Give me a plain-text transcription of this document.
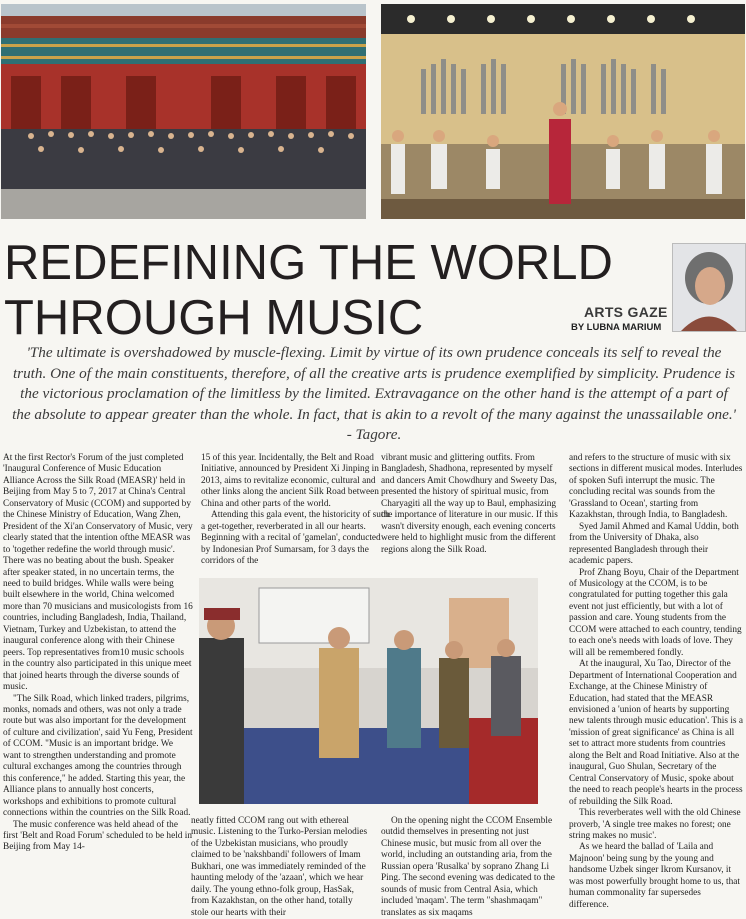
REDEFINING THE WORLD
THROUGH MUSIC	ARTS GAZE
BY LUBNA MARIUM
'The ultimate is overshadowed by muscle-flexing. Limit by virtue of its own prudence conceals its self to reveal the truth. One of the main constituents, therefore, of all the creative arts is prudence exemplified by simplicity. Prudence is the victorious proclamation of the limitless by the limited. Extravagance on the other hand is the attempt of a part of the absolute to appear greater than the whole. In fact, that is akin to a revolt of the many against the unassailable one.' - Tagore.

At the first Rector's Forum of the just completed 'Inaugural Conference of Music Education Alliance Across the Silk Road (MEASR)' held in Beijing from May 5 to 7, 2017 at China's Central Conservatory of Music (CCOM) and supported by the Chinese Ministry of Education, Wang Zhen, President of the Xi'an Conservatory of Music, very clearly stated that the intention ofthe MEASR was to 'together redefine the world through music'. There was no beating about the bush. Speaker after speaker stated, in no uncertain terms, the need to build bridges. While walls were being built elsewhere in the world, China welcomed more than 70 musicians and musicologists from 16 countries, including Bangladesh, India, Thailand, Vietnam, Turkey and Uzbekistan, to attend the inaugural conference along with their Chinese peers. Top representatives from10 music schools in the country also participated in this unique meet that joined hearts through the diverse sounds of music.

"The Silk Road, which linked traders, pilgrims, monks, nomads and others, was not only a trade route but was also important for the development of culture and civilization', said Yu Feng, President of CCOM. "Music is an important bridge. We want to strengthen understanding and promote cultural exchanges among the countries through this conference," he added. Starting this year, the Alliance plans to annually host concerts, workshops and exhibitions to promote cultural connections within the countries on the Silk Road.

The music conference was held ahead of the first 'Belt and Road Forum' scheduled to be held in Beijing from May 14-

15 of this year. Incidentally, the Belt and Road Initiative, announced by President Xi Jinping in 2013, aims to revitalize economic, cultural and other links along the ancient Silk Road between China and other parts of the world.

Attending this gala event, the historicity of such a get-together, reverberated in all our hearts. Beginning with a recital of 'gamelan', conducted by Indonesian Prof Sumarsam, for 3 days the corridors of the

vibrant music and glittering outfits. From Bangladesh, Shadhona, represented by myself and dancers Amit Chowdhury and Sweety Das, presented the history of spiritual music, from Charyagiti all the way up to Baul, emphasizing the importance of literature in our music. If this wasn't diversity enough, each evening concerts were held to highlight music from the different regions along the Silk Road.

and refers to the structure of music with six sections in different musical modes. Interludes of spoken Sufi interrupt the music. The concluding recital was sounds from the 'Grassland to Ocean', starting from Kazakhstan, through India, to Bangladesh.

Syed Jamil Ahmed and Kamal Uddin, both from the University of Dhaka, also represented Bangladesh through their academic papers.

Prof Zhang Boyu, Chair of the Department of Musicology at the CCOM, is to be congratulated for putting together this gala event not just efficiently, but with a lot of passion and care. Young students from the CCOM were attached to each country, tending to each one's needs with loads of love. They will all be remembered fondly.

At the inaugural, Xu Tao, Director of the Department of International Cooperation and Exchange, at the Chinese Ministry of Education, had stated that the MEASR envisioned a 'union of hearts by supporting new talents through music education'. This is a 'mission of great significance' as China is all set to attract more students from countries along the Belt and Road Initiative. Also at the inaugural, Guo Shulan, Secretary of the Central Conservatory of Music, spoke about the need to reach people's hearts in the process of rebuilding the Silk Road.

This reverberates well with the old Chinese proverb, 'A single tree makes no forest; one string makes no music'.

As we heard the ballad of 'Laila and Majnoon' being sung by the young and handsome Uzbek singer Ikrom Kursanov, it was most powerfully brought home to us, that human commonality far supersedes difference.

neatly fitted CCOM rang out with ethereal music. Listening to the Turko-Persian melodies of the Uzbekistan musicians, who proudly claimed to be 'nakshbandi' followers of Imam Bukhari, one was immediately reminded of the haunting melody of the 'azaan', which we hear daily. The young ethno-folk group, HasSak, from Kazakhstan, on the other hand, totally stole our hearts with their

On the opening night the CCOM Ensemble outdid themselves in presenting not just Chinese music, but music from all over the world, including an outstanding aria, from the Russian opera 'Rusalka' by soprano Zhang Li Ping. The second evening was dedicated to the sounds of music from Central Asia, which included 'maqam'. The term "shashmaqam" translates as six maqams
